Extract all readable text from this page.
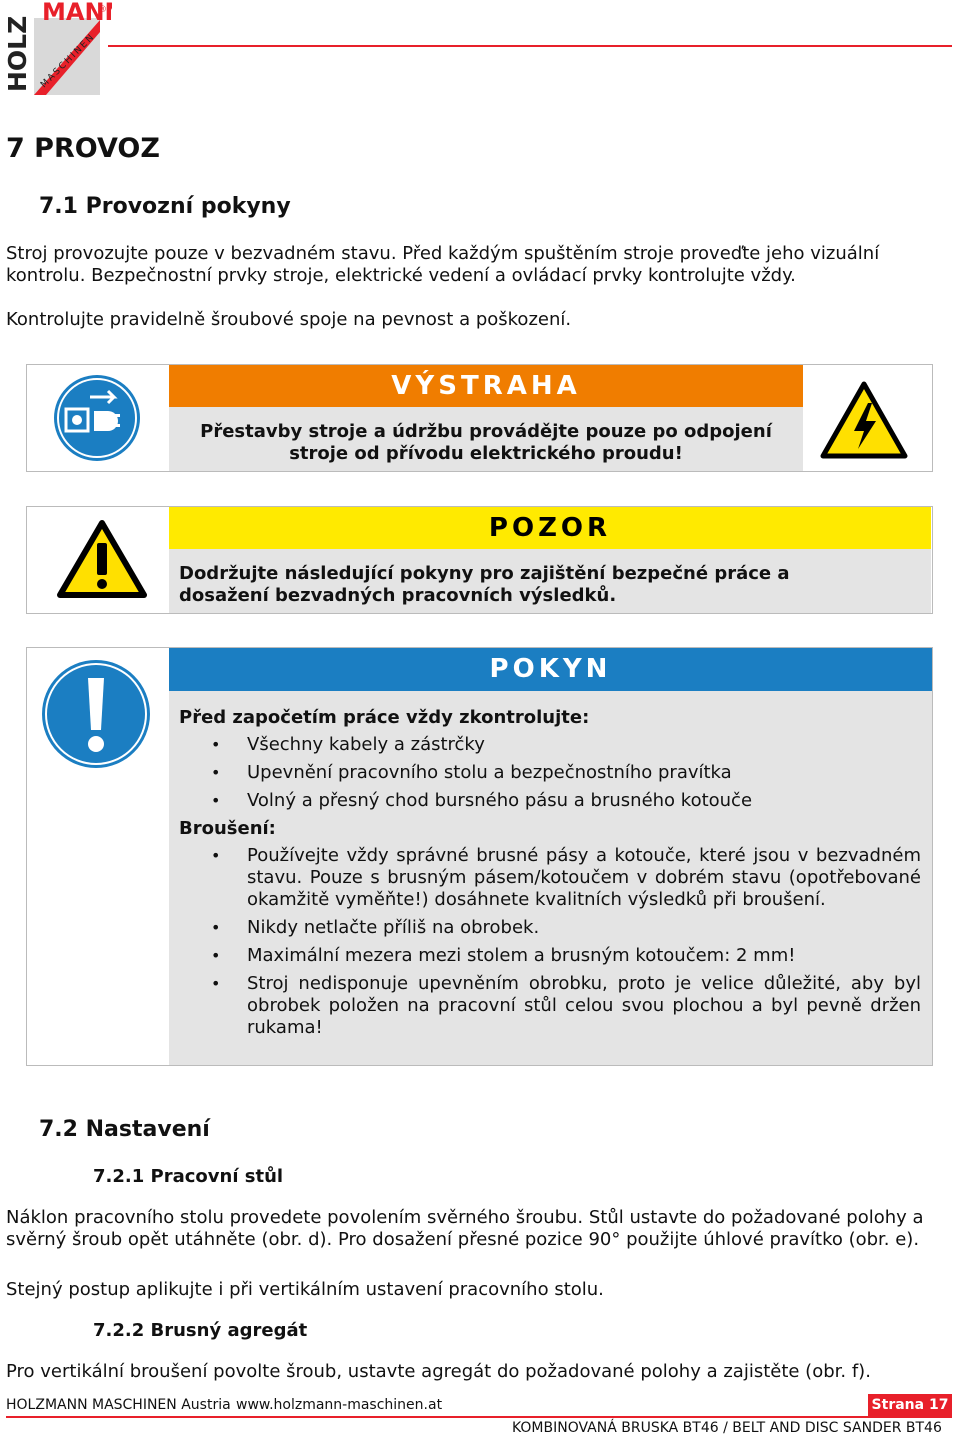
HOLZ
MAN
®
MASCHINEN
7 PROVOZ
7.1 Provozní pokyny

Stroj provozujte pouze v bezvadném stavu. Před každým spuštěním stroje proveďte jeho vizuální kontrolu. Bezpečnostní prvky stroje, elektrické vedení a ovládací prvky kontrolujte vždy.

Kontrolujte pravidelně šroubové spoje na pevnost a poškození.

VÝSTRAHA
Přestavby stroje a údržbu provádějte pouze po odpojení stroje od přívodu elektrického proudu!
POZOR
Dodržujte následující pokyny pro zajištění bezpečné práce a dosažení bezvadných pracovních výsledků.
POKYN
Před započetím práce vždy zkontrolujte:
• Všechny kabely a zástrčky
• Upevnění pracovního stolu a bezpečnostního pravítka
• Volný a přesný chod bursného pásu a brusného kotouče
Broušení:
• Používejte vždy správné brusné pásy a kotouče, které jsou v bezvadném stavu. Pouze s brusným pásem/kotoučem v dobrém stavu (opotřebované okamžitě vyměňte!) dosáhnete kvalitních výsledků při broušení.
• Nikdy netlačte příliš na obrobek.
• Maximální mezera mezi stolem a brusným kotoučem: 2 mm!
• Stroj nedisponuje upevněním obrobku, proto je velice důležité, aby byl obrobek položen na pracovní stůl celou svou plochou a byl pevně držen rukama!
7.2 Nastavení
7.2.1 Pracovní stůl

Náklon pracovního stolu provedete povolením svěrného šroubu. Stůl ustavte do požadované polohy a svěrný šroub opět utáhněte (obr. d). Pro dosažení přesné pozice 90° použijte úhlové pravítko (obr. e).

Stejný postup aplikujte i při vertikálním ustavení pracovního stolu.

7.2.2 Brusný agregát

Pro vertikální broušení povolte šroub, ustavte agregát do požadované polohy a zajistěte (obr. f).

HOLZMANN MASCHINEN Austria www.holzmann-maschinen.at	Strana 17
KOMBINOVANÁ BRUSKA BT46 / BELT AND DISC SANDER BT46
